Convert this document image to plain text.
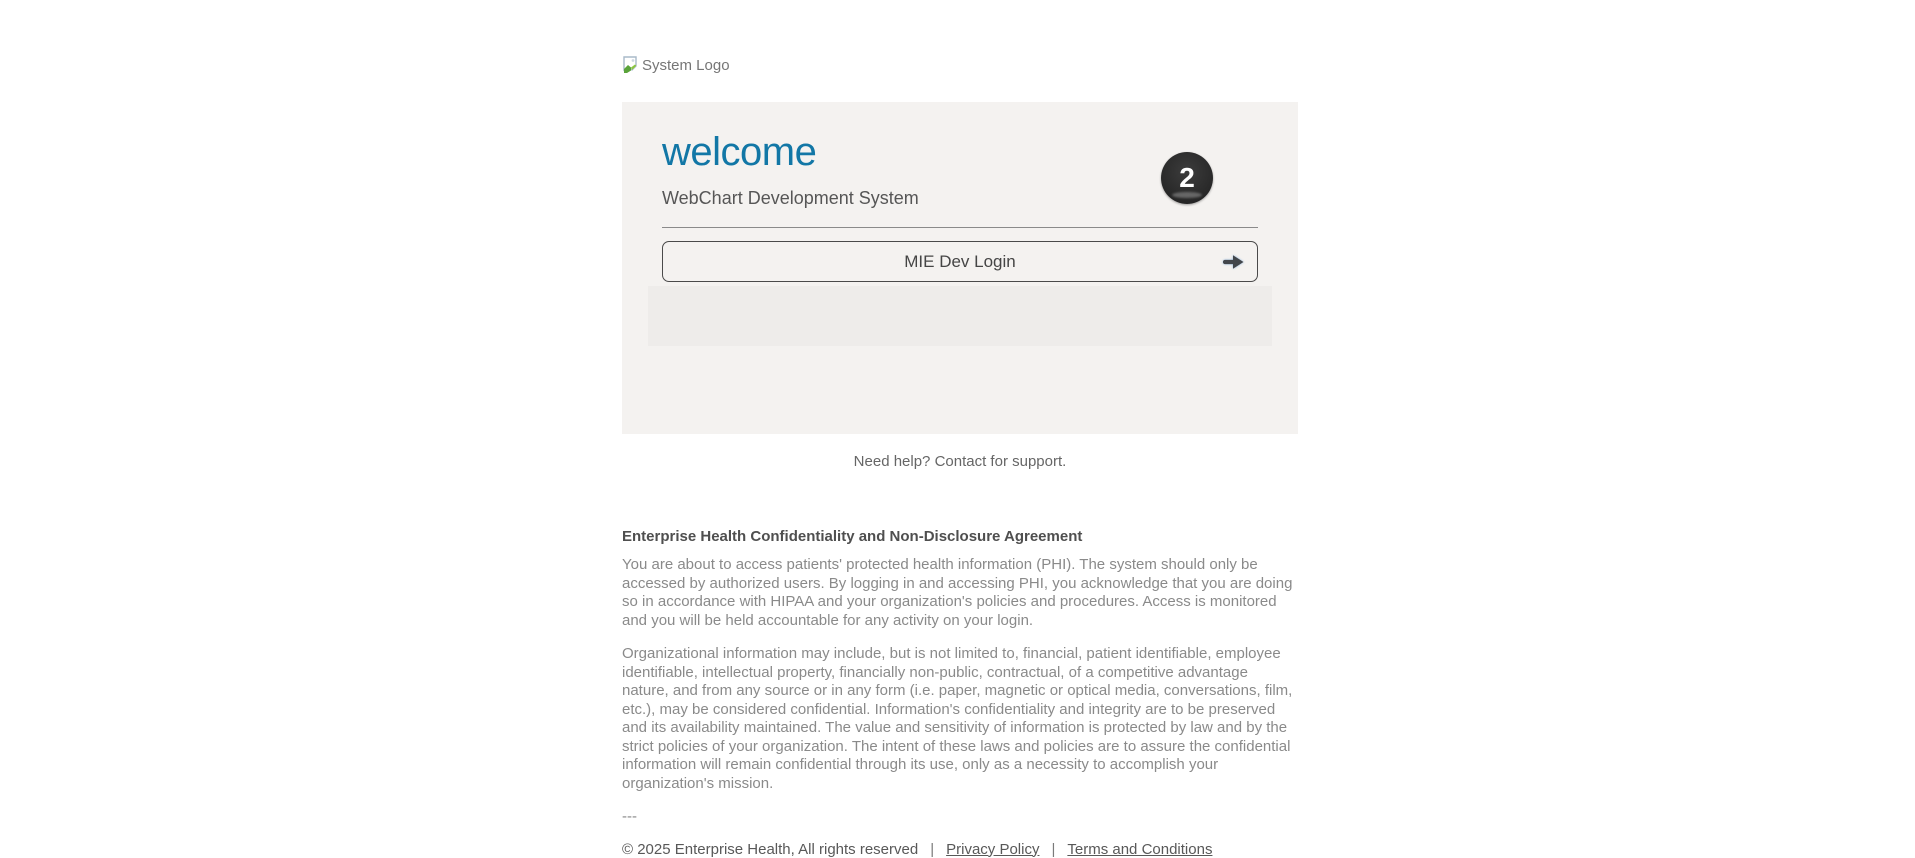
System Logo
welcome
WebChart Development System
2
MIE Dev Login
Need help? Contact for support.
Enterprise Health Confidentiality and Non-Disclosure Agreement

You are about to access patients' protected health information (PHI). The system should only be accessed by authorized users. By logging in and accessing PHI, you acknowledge that you are doing so in accordance with HIPAA and your organization's policies and procedures. Access is monitored and you will be held accountable for any activity on your login.

Organizational information may include, but is not limited to, financial, patient identifiable, employee identifiable, intellectual property, financially non-public, contractual, of a competitive advantage nature, and from any source or in any form (i.e. paper, magnetic or optical media, conversations, film, etc.), may be considered confidential. Information's confidentiality and integrity are to be preserved and its availability maintained. The value and sensitivity of information is protected by law and by the strict policies of your organization. The intent of these laws and policies are to assure the confidential information will remain confidential through its use, only as a necessity to accomplish your organization's mission.

---

© 2025 Enterprise Health, All rights reserved | Privacy Policy | Terms and Conditions
